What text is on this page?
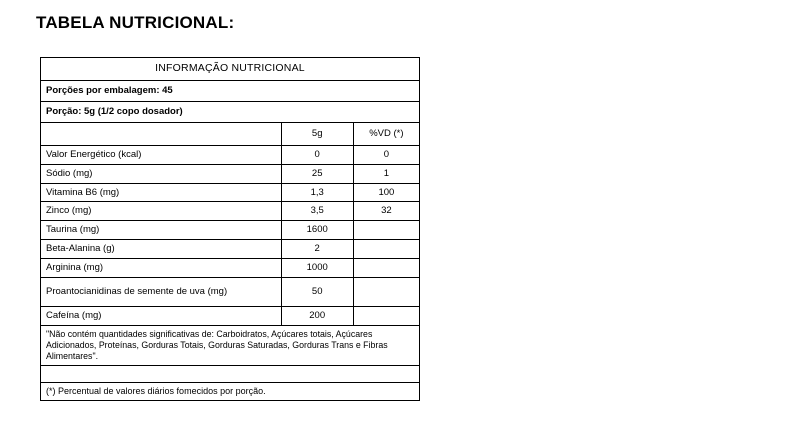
TABELA NUTRICIONAL:
INFORMAÇÃO NUTRICIONAL		
Porções por embalagem: 45		
Porção: 5g (1/2 copo dosador)		
	5g	%VD (*)
Valor Energético (kcal)	0	0
Sódio (mg)	25	1
Vitamina B6 (mg)	1,3	100
Zinco (mg)	3,5	32
Taurina (mg)	1600	
Beta-Alanina (g)	2	
Arginina (mg)	1000	
Proantocianidinas de semente de uva (mg)	50	
Cafeína (mg)	200	
"Não contém quantidades significativas de: Carboidratos, Açúcares totais, Açúcares Adicionados, Proteínas, Gorduras Totais, Gorduras Saturadas, Gorduras Trans e Fibras Alimentares".		

(*) Percentual de valores diários fomecidos por porção.		
